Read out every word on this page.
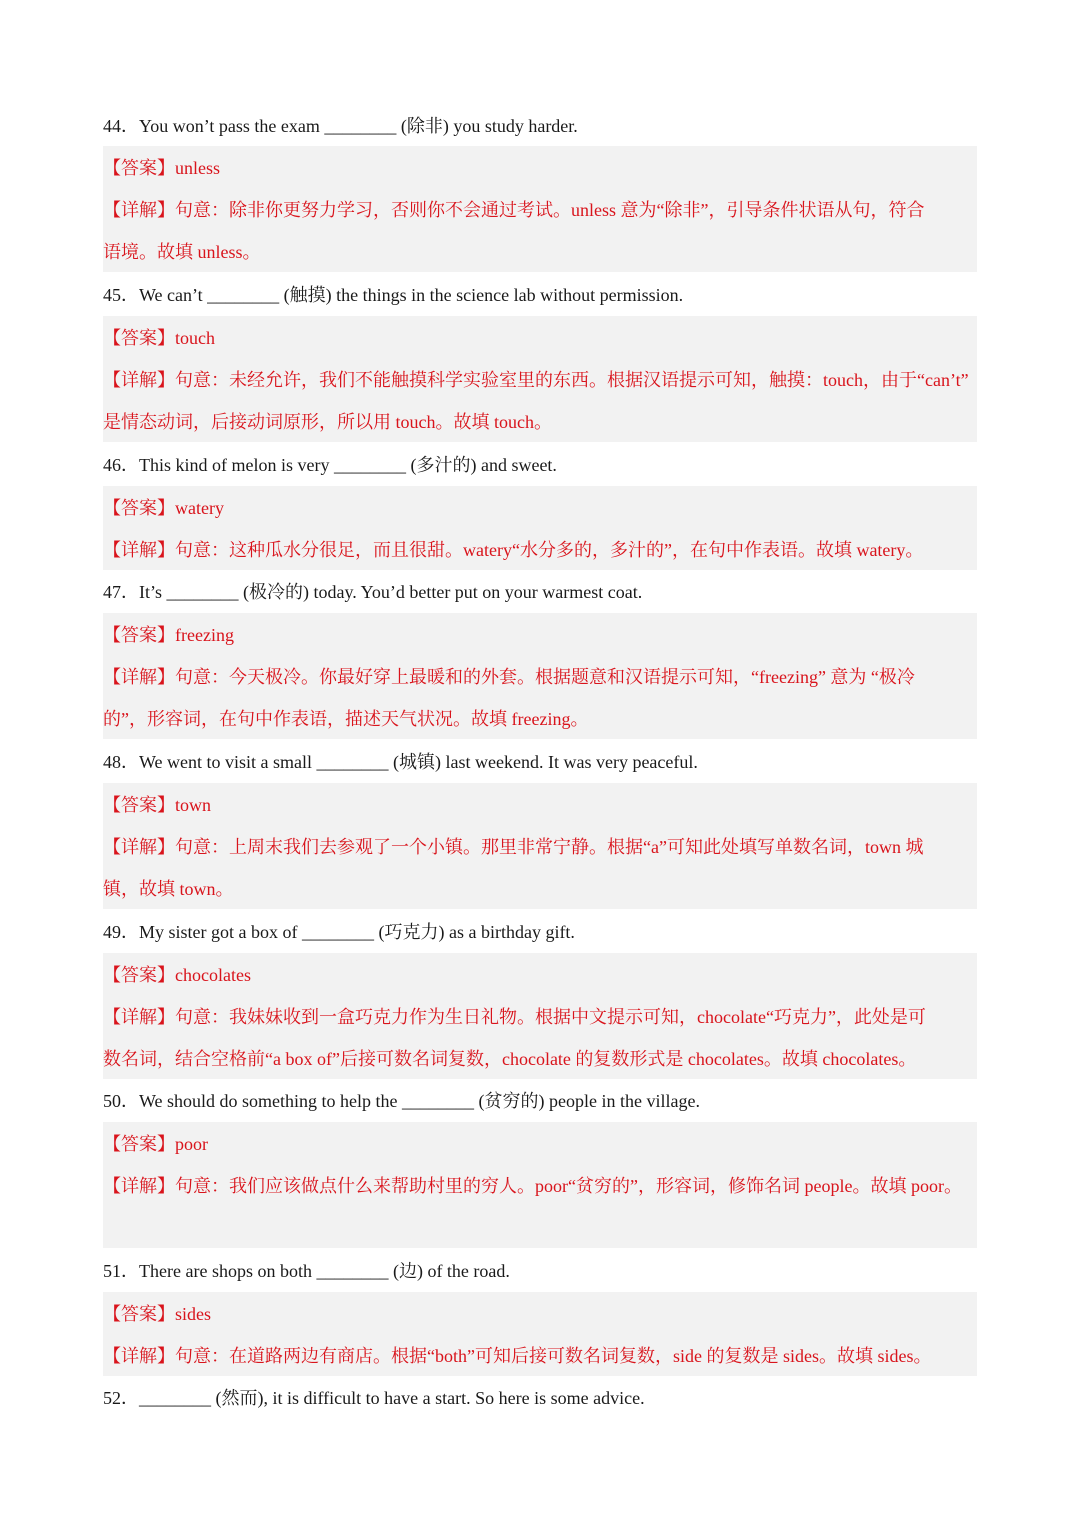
44．You won’t pass the exam ________ (除非) you study harder.
【答案】unless
【详解】句意：除非你更努力学习，否则你不会通过考试。unless 意为“除非”，引导条件状语从句，符合
语境。故填 unless。
45．We can’t ________ (触摸) the things in the science lab without permission.
【答案】touch
【详解】句意：未经允许，我们不能触摸科学实验室里的东西。根据汉语提示可知，触摸：touch，由于“can’t”
是情态动词，后接动词原形，所以用 touch。故填 touch。
46．This kind of melon is very ________ (多汁的) and sweet.
【答案】watery
【详解】句意：这种瓜水分很足，而且很甜。watery“水分多的，多汁的”，在句中作表语。故填 watery。
47．It’s ________ (极冷的) today. You’d better put on your warmest coat.
【答案】freezing
【详解】句意：今天极冷。你最好穿上最暖和的外套。根据题意和汉语提示可知，“freezing” 意为 “极冷
的”，形容词，在句中作表语，描述天气状况。故填 freezing。
48．We went to visit a small ________ (城镇) last weekend. It was very peaceful.
【答案】town
【详解】句意：上周末我们去参观了一个小镇。那里非常宁静。根据“a”可知此处填写单数名词，town 城
镇，故填 town。
49．My sister got a box of ________ (巧克力) as a birthday gift.
【答案】chocolates
【详解】句意：我妹妹收到一盒巧克力作为生日礼物。根据中文提示可知，chocolate“巧克力”，此处是可
数名词，结合空格前“a box of”后接可数名词复数，chocolate 的复数形式是 chocolates。故填 chocolates。
50．We should do something to help the ________ (贫穷的) people in the village.
【答案】poor
【详解】句意：我们应该做点什么来帮助村里的穷人。poor“贫穷的”，形容词，修饰名词 people。故填 poor。
51．There are shops on both ________ (边) of the road.
【答案】sides
【详解】句意：在道路两边有商店。根据“both”可知后接可数名词复数，side 的复数是 sides。故填 sides。
52．________ (然而), it is difficult to have a start. So here is some advice.
